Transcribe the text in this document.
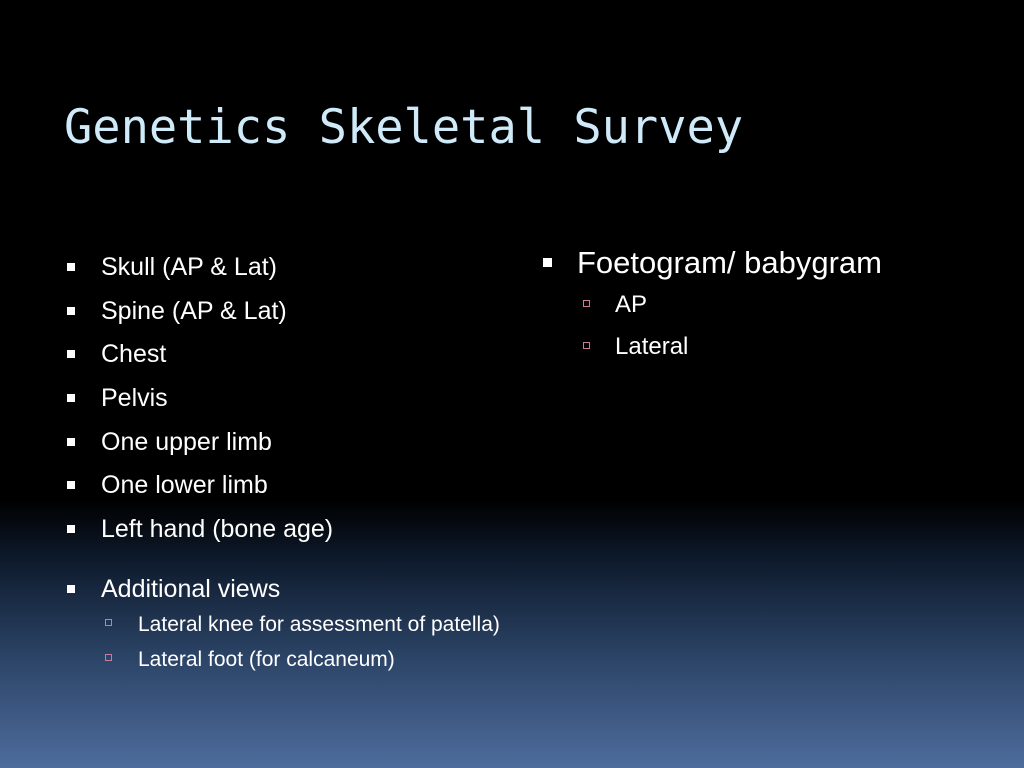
Genetics Skeletal Survey
Skull (AP & Lat)
Spine (AP & Lat)
Chest
Pelvis
One upper limb
One lower limb
Left hand (bone age)
Additional views
Lateral knee for assessment of patella)
Lateral foot (for calcaneum)
Foetogram/ babygram
AP
Lateral
